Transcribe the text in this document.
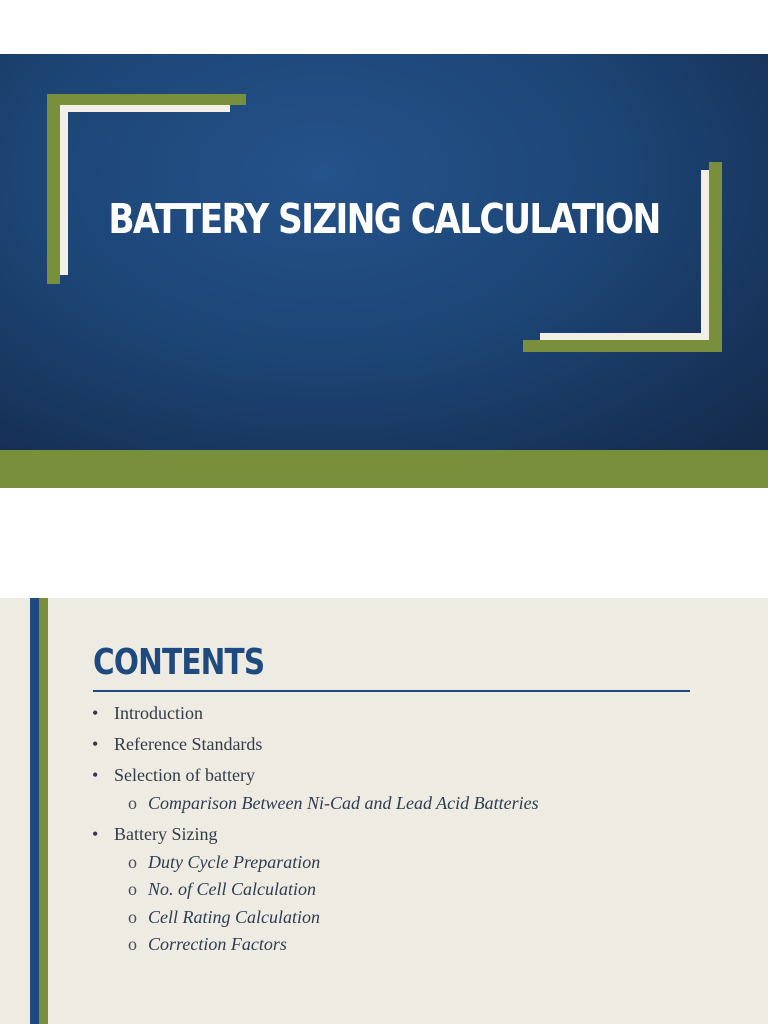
BATTERY SIZING CALCULATION
CONTENTS
• Introduction
• Reference Standards
• Selection of battery
o Comparison Between Ni-Cad and Lead Acid Batteries
• Battery Sizing
o Duty Cycle Preparation
o No. of Cell Calculation
o Cell Rating Calculation
o Correction Factors
